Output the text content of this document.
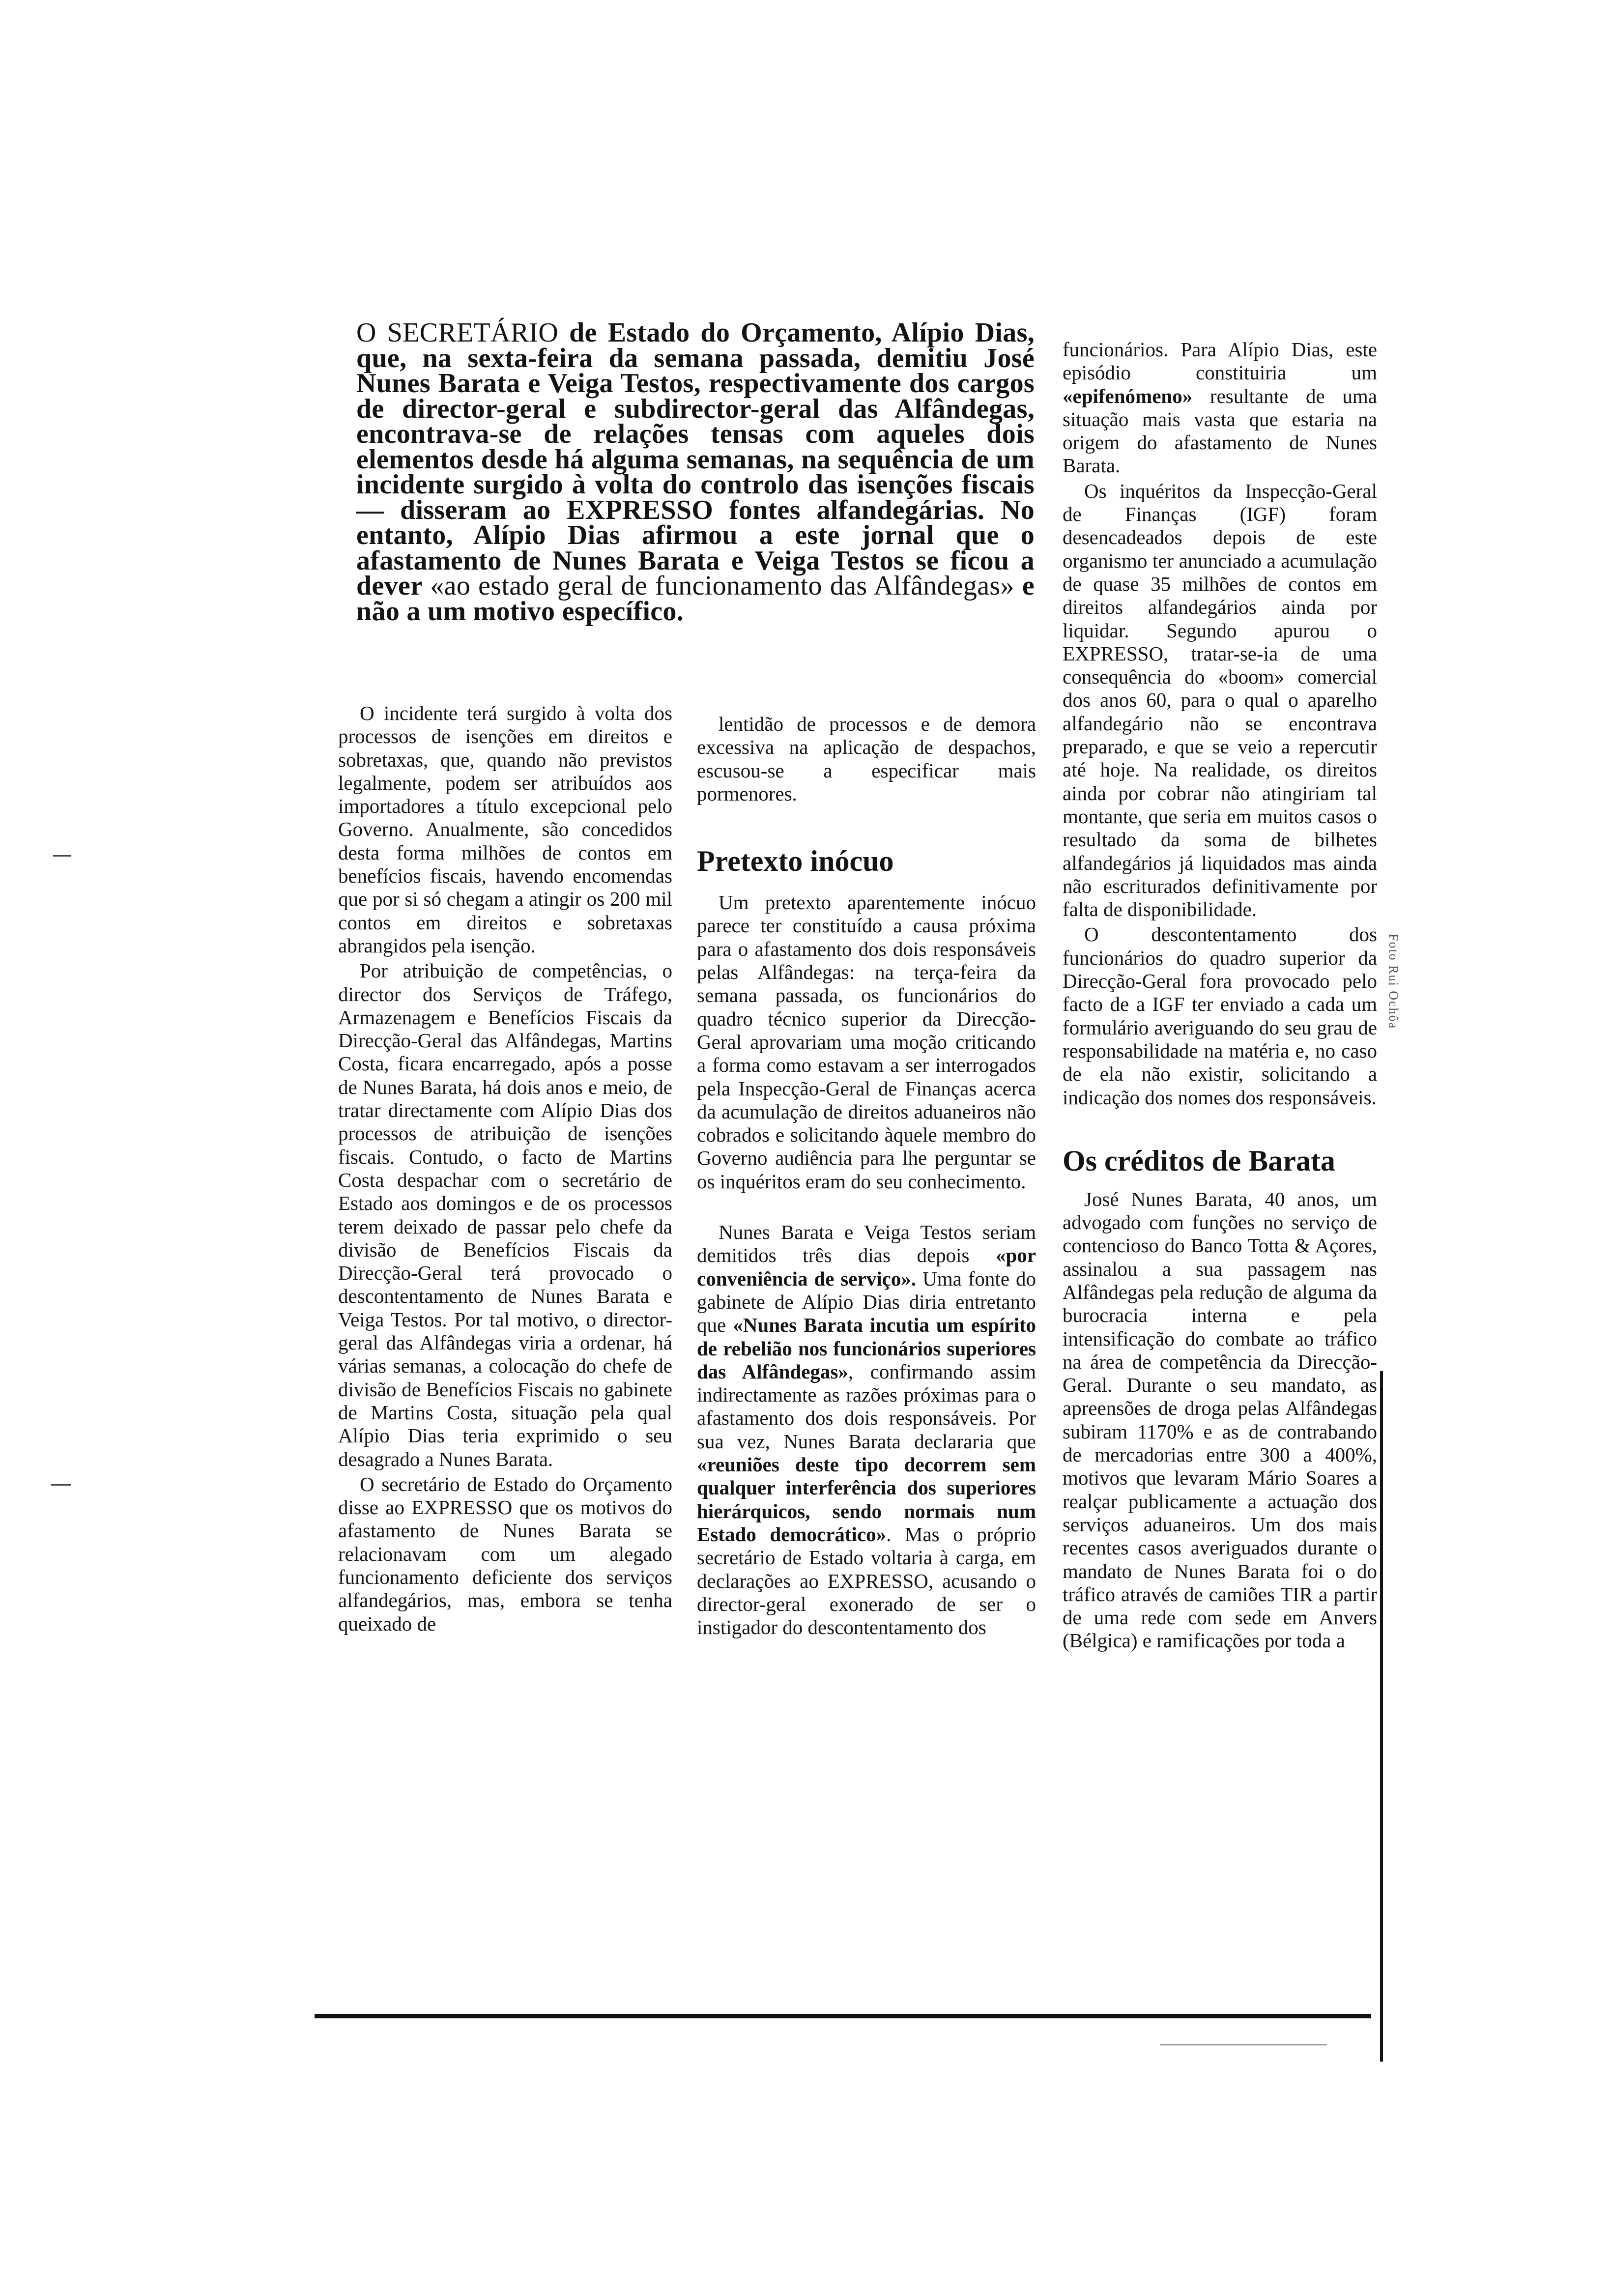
O SECRETÁRIO de Estado do Orçamento, Alípio Dias, que, na sexta-feira da semana passada, demitiu José Nunes Barata e Veiga Testos, respectivamente dos cargos de director-geral e subdirector-geral das Alfândegas, encontrava-se de relações tensas com aqueles dois elementos desde há alguma semanas, na sequência de um incidente surgido à volta do controlo das isenções fiscais — disseram ao EXPRESSO fontes alfandegárias. No entanto, Alípio Dias afirmou a este jornal que o afastamento de Nunes Barata e Veiga Testos se ficou a dever «ao estado geral de funcionamento das Alfândegas» e não a um motivo específico.

O incidente terá surgido à volta dos processos de isenções em direitos e sobretaxas, que, quando não previstos legalmente, podem ser atribuídos aos importadores a título excepcional pelo Governo. Anualmente, são concedidos desta forma milhões de contos em benefícios fiscais, havendo encomendas que por si só chegam a atingir os 200 mil contos em direitos e sobretaxas abrangidos pela isenção.

Por atribuição de competências, o director dos Serviços de Tráfego, Armazenagem e Benefícios Fiscais da Direcção-Geral das Alfândegas, Martins Costa, ficara encarregado, após a posse de Nunes Barata, há dois anos e meio, de tratar directamente com Alípio Dias dos processos de atribuição de isenções fiscais. Contudo, o facto de Martins Costa despachar com o secretário de Estado aos domingos e de os processos terem deixado de passar pelo chefe da divisão de Benefícios Fiscais da Direcção-Geral terá provocado o descontentamento de Nunes Barata e Veiga Testos. Por tal motivo, o director-geral das Alfândegas viria a ordenar, há várias semanas, a colocação do chefe de divisão de Benefícios Fiscais no gabinete de Martins Costa, situação pela qual Alípio Dias teria exprimido o seu desagrado a Nunes Barata.

O secretário de Estado do Orçamento disse ao EXPRESSO que os motivos do afastamento de Nunes Barata se relacionavam com um alegado funcionamento deficiente dos serviços alfandegários, mas, embora se tenha queixado de

lentidão de processos e de demora excessiva na aplicação de despachos, escusou-se a especificar mais pormenores.

Pretexto inócuo

Um pretexto aparentemente inócuo parece ter constituído a causa próxima para o afastamento dos dois responsáveis pelas Alfândegas: na terça-feira da semana passada, os funcionários do quadro técnico superior da Direcção-Geral aprovariam uma moção criticando a forma como estavam a ser interrogados pela Inspecção-Geral de Finanças acerca da acumulação de direitos aduaneiros não cobrados e solicitando àquele membro do Governo audiência para lhe perguntar se os inquéritos eram do seu conhecimento.

Nunes Barata e Veiga Testos seriam demitidos três dias depois «por conveniência de serviço». Uma fonte do gabinete de Alípio Dias diria entretanto que «Nunes Barata incutia um espírito de rebelião nos funcionários superiores das Alfândegas», confirmando assim indirectamente as razões próximas para o afastamento dos dois responsáveis. Por sua vez, Nunes Barata declararia que «reuniões deste tipo decorrem sem qualquer interferência dos superiores hierárquicos, sendo normais num Estado democrático». Mas o próprio secretário de Estado voltaria à carga, em declarações ao EXPRESSO, acusando o director-geral exonerado de ser o instigador do descontentamento dos

funcionários. Para Alípio Dias, este episódio constituiria um «epifenómeno» resultante de uma situação mais vasta que estaria na origem do afastamento de Nunes Barata.

Os inquéritos da Inspecção-Geral de Finanças (IGF) foram desencadeados depois de este organismo ter anunciado a acumulação de quase 35 milhões de contos em direitos alfandegários ainda por liquidar. Segundo apurou o EXPRESSO, tratar-se-ia de uma consequência do «boom» comercial dos anos 60, para o qual o aparelho alfandegário não se encontrava preparado, e que se veio a repercutir até hoje. Na realidade, os direitos ainda por cobrar não atingiriam tal montante, que seria em muitos casos o resultado da soma de bilhetes alfandegários já liquidados mas ainda não escriturados definitivamente por falta de disponibilidade.

O descontentamento dos funcionários do quadro superior da Direcção-Geral fora provocado pelo facto de a IGF ter enviado a cada um formulário averiguando do seu grau de responsabilidade na matéria e, no caso de ela não existir, solicitando a indicação dos nomes dos responsáveis.

Os créditos de Barata

José Nunes Barata, 40 anos, um advogado com funções no serviço de contencioso do Banco Totta & Açores, assinalou a sua passagem nas Alfândegas pela redução de alguma da burocracia interna e pela intensificação do combate ao tráfico na área de competência da Direcção-Geral. Durante o seu mandato, as apreensões de droga pelas Alfândegas subiram 1170% e as de contrabando de mercadorias entre 300 a 400%, motivos que levaram Mário Soares a realçar publicamente a actuação dos serviços aduaneiros. Um dos mais recentes casos averiguados durante o mandato de Nunes Barata foi o do tráfico através de camiões TIR a partir de uma rede com sede em Anvers (Bélgica) e ramificações por toda a

Foto Rui Ochôa
